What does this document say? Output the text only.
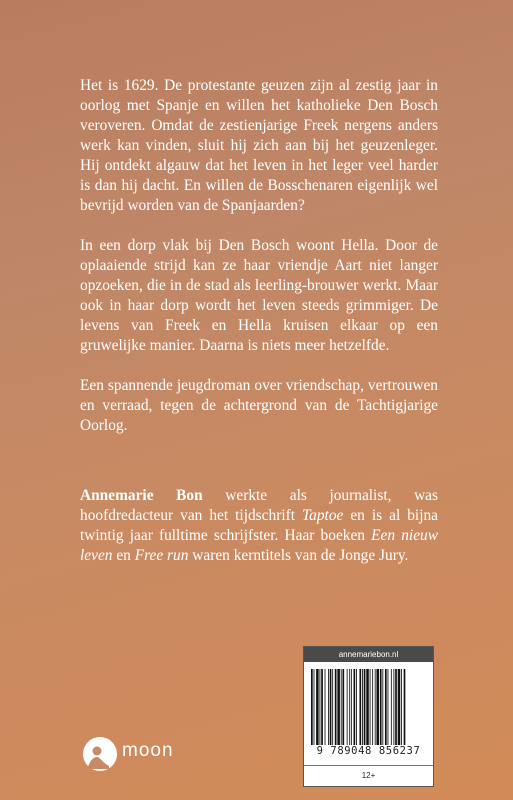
Het is 1629. De protestante geuzen zijn al zestig jaar in oorlog met Spanje en willen het katholieke Den Bosch veroveren. Omdat de zestienjarige Freek nergens anders werk kan vinden, sluit hij zich aan bij het geuzenleger. Hij ontdekt algauw dat het leven in het leger veel harder is dan hij dacht. En willen de Bosschenaren eigenlijk wel bevrijd worden van de Spanjaarden?

In een dorp vlak bij Den Bosch woont Hella. Door de oplaaiende strijd kan ze haar vriendje Aart niet langer opzoeken, die in de stad als leerling-brouwer werkt. Maar ook in haar dorp wordt het leven steeds grimmiger. De levens van Freek en Hella kruisen elkaar op een gruwelijke manier. Daarna is niets meer hetzelfde.

Een spannende jeugdroman over vriendschap, vertrouwen en verraad, tegen de achtergrond van de Tachtigjarige Oorlog.

Annemarie Bon werkte als journalist, was hoofdredacteur van het tijdschrift Taptoe en is al bijna twintig jaar fulltime schrijfster. Haar boeken Een nieuw leven en Free run waren kerntitels van de Jonge Jury.

annemariebon.nl
9 789048 856237
12+
moon
